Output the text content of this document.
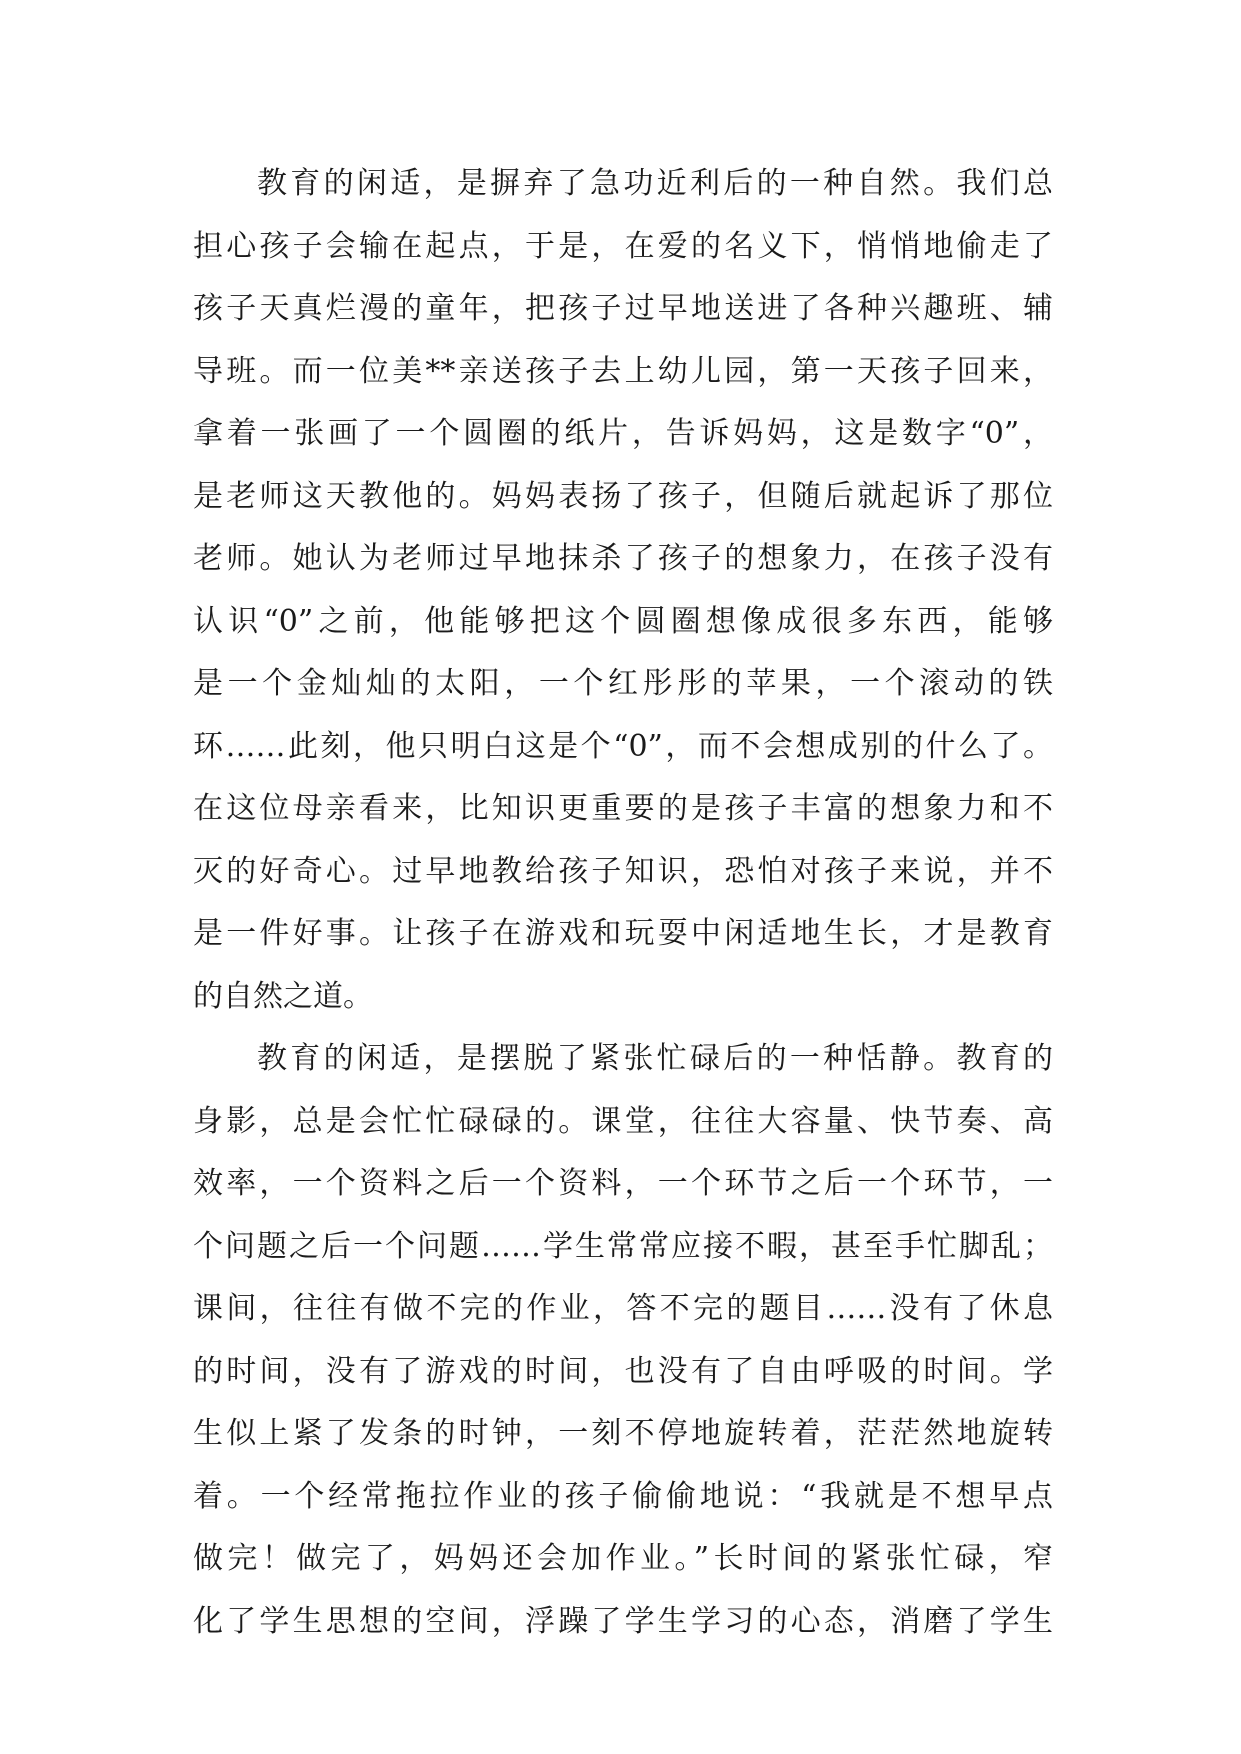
教育的闲适，是摒弃了急功近利后的一种自然。我们总
担心孩子会输在起点，于是，在爱的名义下，悄悄地偷走了
孩子天真烂漫的童年，把孩子过早地送进了各种兴趣班、辅
导班。而一位美**亲送孩子去上幼儿园，第一天孩子回来，
拿着一张画了一个圆圈的纸片，告诉妈妈，这是数字“0”，
是老师这天教他的。妈妈表扬了孩子，但随后就起诉了那位
老师。她认为老师过早地抹杀了孩子的想象力，在孩子没有
认识“0”之前，他能够把这个圆圈想像成很多东西，能够
是一个金灿灿的太阳，一个红彤彤的苹果，一个滚动的铁
环……此刻，他只明白这是个“0”，而不会想成别的什么了。
在这位母亲看来，比知识更重要的是孩子丰富的想象力和不
灭的好奇心。过早地教给孩子知识，恐怕对孩子来说，并不
是一件好事。让孩子在游戏和玩耍中闲适地生长，才是教育
的自然之道。
教育的闲适，是摆脱了紧张忙碌后的一种恬静。教育的
身影，总是会忙忙碌碌的。课堂，往往大容量、快节奏、高
效率，一个资料之后一个资料，一个环节之后一个环节，一
个问题之后一个问题……学生常常应接不暇，甚至手忙脚乱；
课间，往往有做不完的作业，答不完的题目……没有了休息
的时间，没有了游戏的时间，也没有了自由呼吸的时间。学
生似上紧了发条的时钟，一刻不停地旋转着，茫茫然地旋转
着。一个经常拖拉作业的孩子偷偷地说：“我就是不想早点
做完！做完了，妈妈还会加作业。”长时间的紧张忙碌，窄
化了学生思想的空间，浮躁了学生学习的心态，消磨了学生
